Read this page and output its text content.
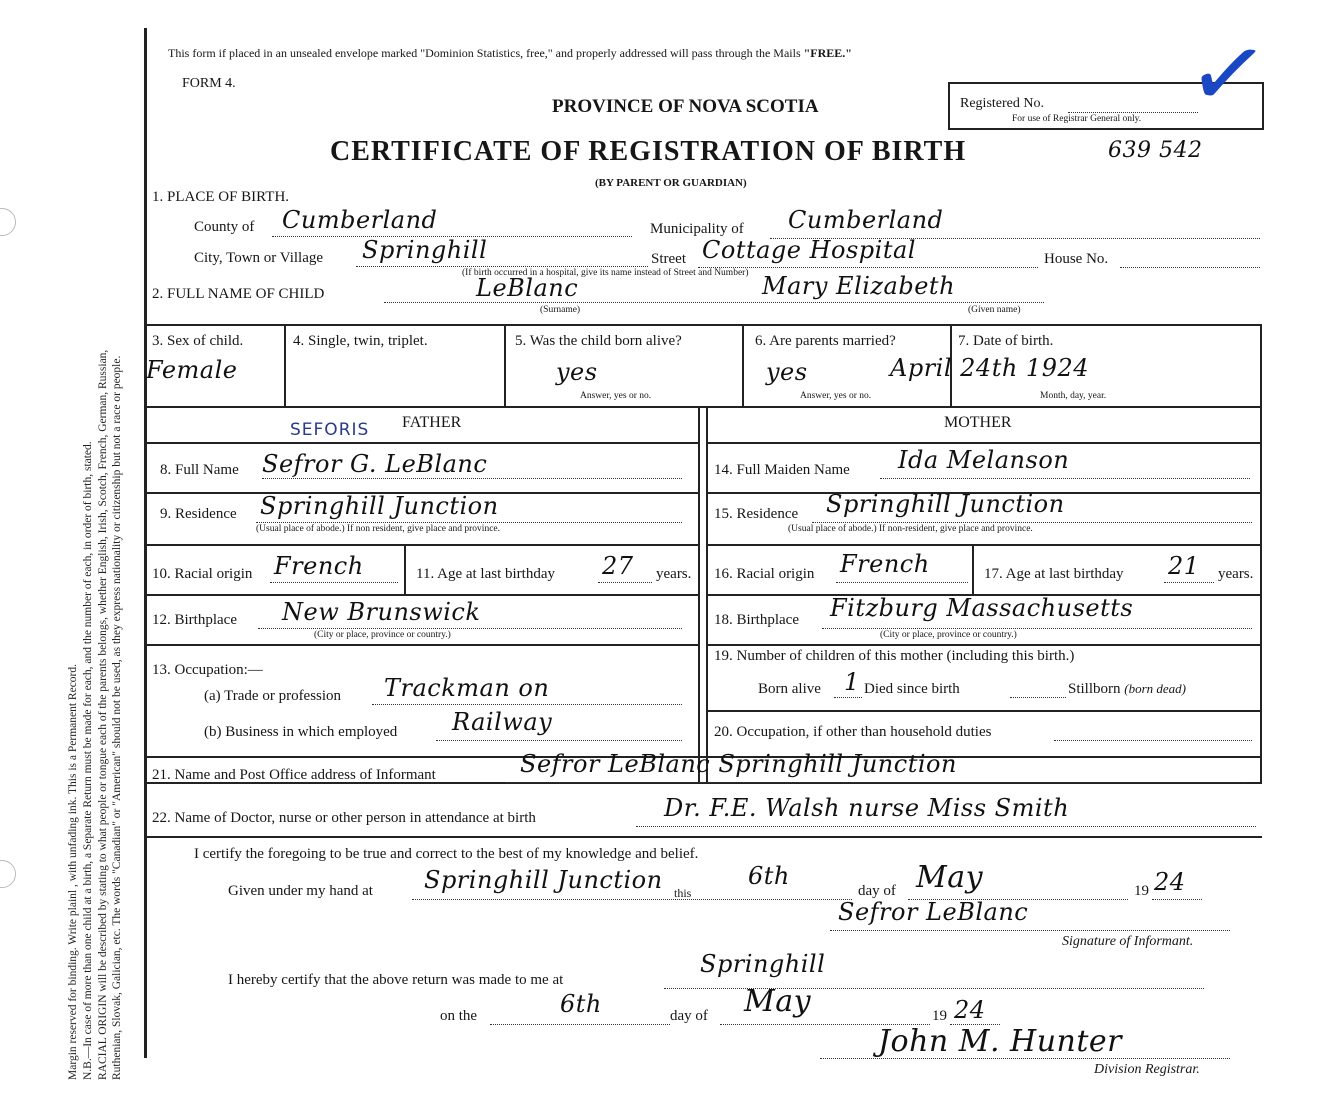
Margin reserved for binding. Write plainl , with unfading ink. This is a Permanent Record. N.B.—In case of more than one child at a birth, a Separate Return must be made for each, and the number of each, in order of birth, stated. RACIAL ORIGIN will be described by stating to what people or tongue each of the parents belongs, whether English, Irish, Scotch, French, German, Russian, Ruthenian, Slovak, Galician, etc. The words "Canadian" or "American" should not be used, as they express nationality or citizenship but not a race or people.
This form if placed in an unsealed envelope marked "Dominion Statistics, free," and properly addressed will pass through the Mails "FREE."
FORM 4.
PROVINCE OF NOVA SCOTIA
CERTIFICATE OF REGISTRATION OF BIRTH
(BY PARENT OR GUARDIAN)
639 542
Registered No.
For use of Registrar General only. ✓
1. PLACE OF BIRTH.
County of Cumberland	Municipality of Cumberland
City, Town or Village Springhill	Street Cottage Hospital	House No.
(If birth occurred in a hospital, give its name instead of Street and Number)
2. FULL NAME OF CHILD	LeBlanc	Mary Elizabeth
(Surname)	(Given name)
3. Sex of child.
Female
4. Single, twin, triplet.	5. Was the child born alive?
yes
Answer, yes or no.
6. Are parents married?
yes
Answer, yes or no.
7. Date of birth.
April 24th 1924
Month, day, year.
FATHER
SEFORIS	MOTHER
8. Full Name Sefror G. LeBlanc
9. Residence Springhill Junction
(Usual place of abode.) If non resident, give place and province.
10. Racial origin French	11. Age at last birthday 27 years.
12. Birthplace New Brunswick
(City or place, province or country.)
13. Occupation:—
(a) Trade or profession Trackman on
(b) Business in which employed Railway
14. Full Maiden Name Ida Melanson
15. Residence Springhill Junction
(Usual place of abode.) If non-resident, give place and province.
16. Racial origin French	17. Age at last birthday 21 years.
18. Birthplace Fitzburg Massachusetts
(City or place, province or country.)
19. Number of children of this mother (including this birth.)
Born alive 1 Died since birth	Stillborn (born dead)
20. Occupation, if other than household duties
21. Name and Post Office address of Informant	Sefror LeBlanc Springhill Junction
22. Name of Doctor, nurse or other person in attendance at birth	Dr. F.E. Walsh nurse Miss Smith
I certify the foregoing to be true and correct to the best of my knowledge and belief.
Given under my hand at Springhill Junction this
6th
day of May	19 24
Sefror LeBlanc
Signature of Informant.
I hereby certify that the above return was made to me at
Springhill
on the	6th	day of May	19 24
John M. Hunter
Division Registrar.
